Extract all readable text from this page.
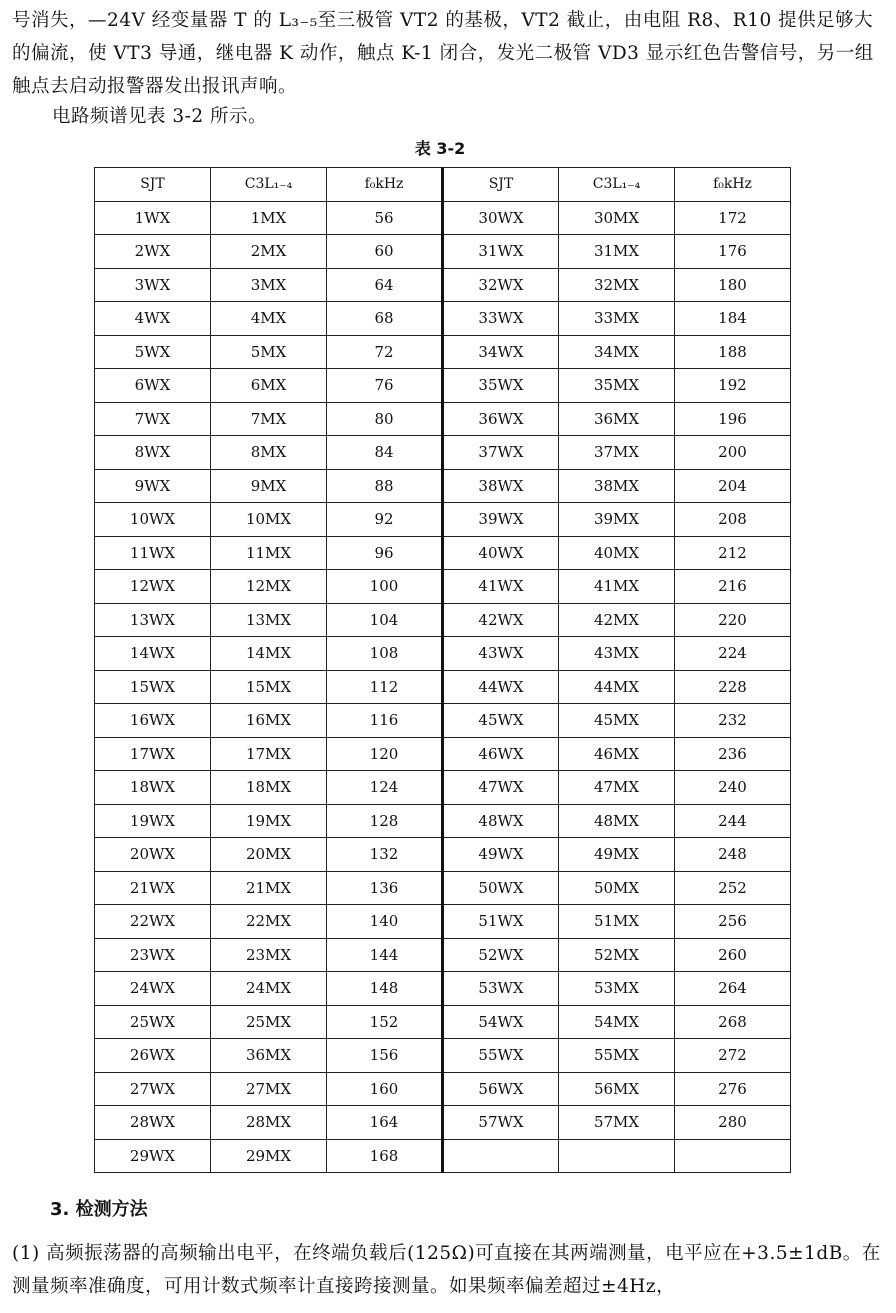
号消失，—24V 经变量器 T 的 L₃₋₅至三极管 VT2 的基极，VT2 截止，由电阻 R8、R10 提供足够大的偏流，使 VT3 导通，继电器 K 动作，触点 K-1 闭合，发光二极管 VD3 显示红色告警信号，另一组触点去启动报警器发出报讯声响。
电路频谱见表 3-2 所示。
表 3-2
SJT	C3L₁₋₄	f₀kHz	SJT	C3L₁₋₄	f₀kHz
1WX	1MX	56	30WX	30MX	172
2WX	2MX	60	31WX	31MX	176
3WX	3MX	64	32WX	32MX	180
4WX	4MX	68	33WX	33MX	184
5WX	5MX	72	34WX	34MX	188
6WX	6MX	76	35WX	35MX	192
7WX	7MX	80	36WX	36MX	196
8WX	8MX	84	37WX	37MX	200
9WX	9MX	88	38WX	38MX	204
10WX	10MX	92	39WX	39MX	208
11WX	11MX	96	40WX	40MX	212
12WX	12MX	100	41WX	41MX	216
13WX	13MX	104	42WX	42MX	220
14WX	14MX	108	43WX	43MX	224
15WX	15MX	112	44WX	44MX	228
16WX	16MX	116	45WX	45MX	232
17WX	17MX	120	46WX	46MX	236
18WX	18MX	124	47WX	47MX	240
19WX	19MX	128	48WX	48MX	244
20WX	20MX	132	49WX	49MX	248
21WX	21MX	136	50WX	50MX	252
22WX	22MX	140	51WX	51MX	256
23WX	23MX	144	52WX	52MX	260
24WX	24MX	148	53WX	53MX	264
25WX	25MX	152	54WX	54MX	268
26WX	36MX	156	55WX	55MX	272
27WX	27MX	160	56WX	56MX	276
28WX	28MX	164	57WX	57MX	280
29WX	29MX	168			
3. 检测方法
(1) 高频振荡器的高频输出电平，在终端负载后(125Ω)可直接在其两端测量，电平应在+3.5±1dB。在测量频率准确度，可用计数式频率计直接跨接测量。如果频率偏差超过±4Hz，
